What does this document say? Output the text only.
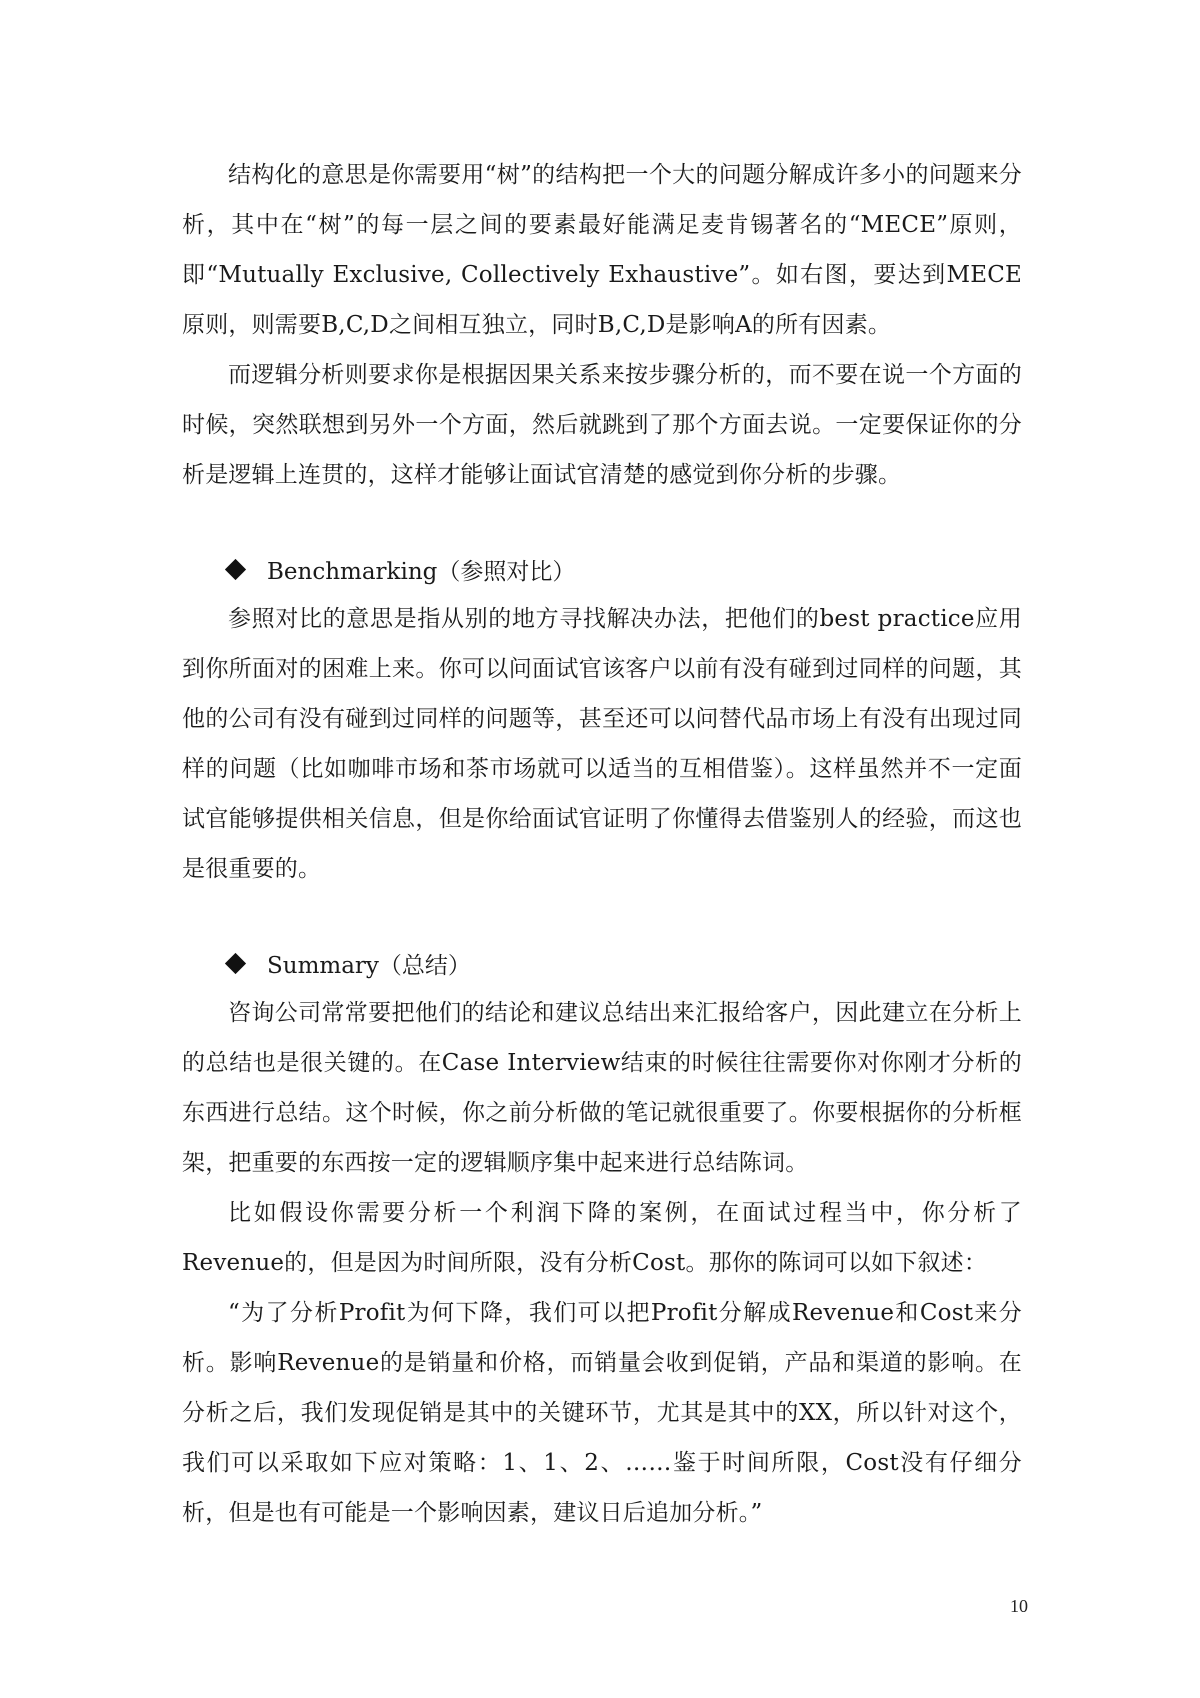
结构化的意思是你需要用“树”的结构把一个大的问题分解成许多小的问题来分析，其中在“树”的每一层之间的要素最好能满足麦肯锡著名的“MECE”原则，即“Mutually Exclusive, Collectively Exhaustive”。如右图，要达到MECE原则，则需要B,C,D之间相互独立，同时B,C,D是影响A的所有因素。

而逻辑分析则要求你是根据因果关系来按步骤分析的，而不要在说一个方面的时候，突然联想到另外一个方面，然后就跳到了那个方面去说。一定要保证你的分析是逻辑上连贯的，这样才能够让面试官清楚的感觉到你分析的步骤。

Benchmarking（参照对比）

参照对比的意思是指从别的地方寻找解决办法，把他们的best practice应用到你所面对的困难上来。你可以问面试官该客户以前有没有碰到过同样的问题，其他的公司有没有碰到过同样的问题等，甚至还可以问替代品市场上有没有出现过同样的问题（比如咖啡市场和茶市场就可以适当的互相借鉴）。这样虽然并不一定面试官能够提供相关信息，但是你给面试官证明了你懂得去借鉴别人的经验，而这也是很重要的。

Summary（总结）

咨询公司常常要把他们的结论和建议总结出来汇报给客户，因此建立在分析上的总结也是很关键的。在Case Interview结束的时候往往需要你对你刚才分析的东西进行总结。这个时候，你之前分析做的笔记就很重要了。你要根据你的分析框架，把重要的东西按一定的逻辑顺序集中起来进行总结陈词。

比如假设你需要分析一个利润下降的案例，在面试过程当中，你分析了Revenue的，但是因为时间所限，没有分析Cost。那你的陈词可以如下叙述：

“为了分析Profit为何下降，我们可以把Profit分解成Revenue和Cost来分析。影响Revenue的是销量和价格，而销量会收到促销，产品和渠道的影响。在分析之后，我们发现促销是其中的关键环节，尤其是其中的XX，所以针对这个，我们可以采取如下应对策略：1、1、2、……鉴于时间所限，Cost没有仔细分析，但是也有可能是一个影响因素，建议日后追加分析。”

10
